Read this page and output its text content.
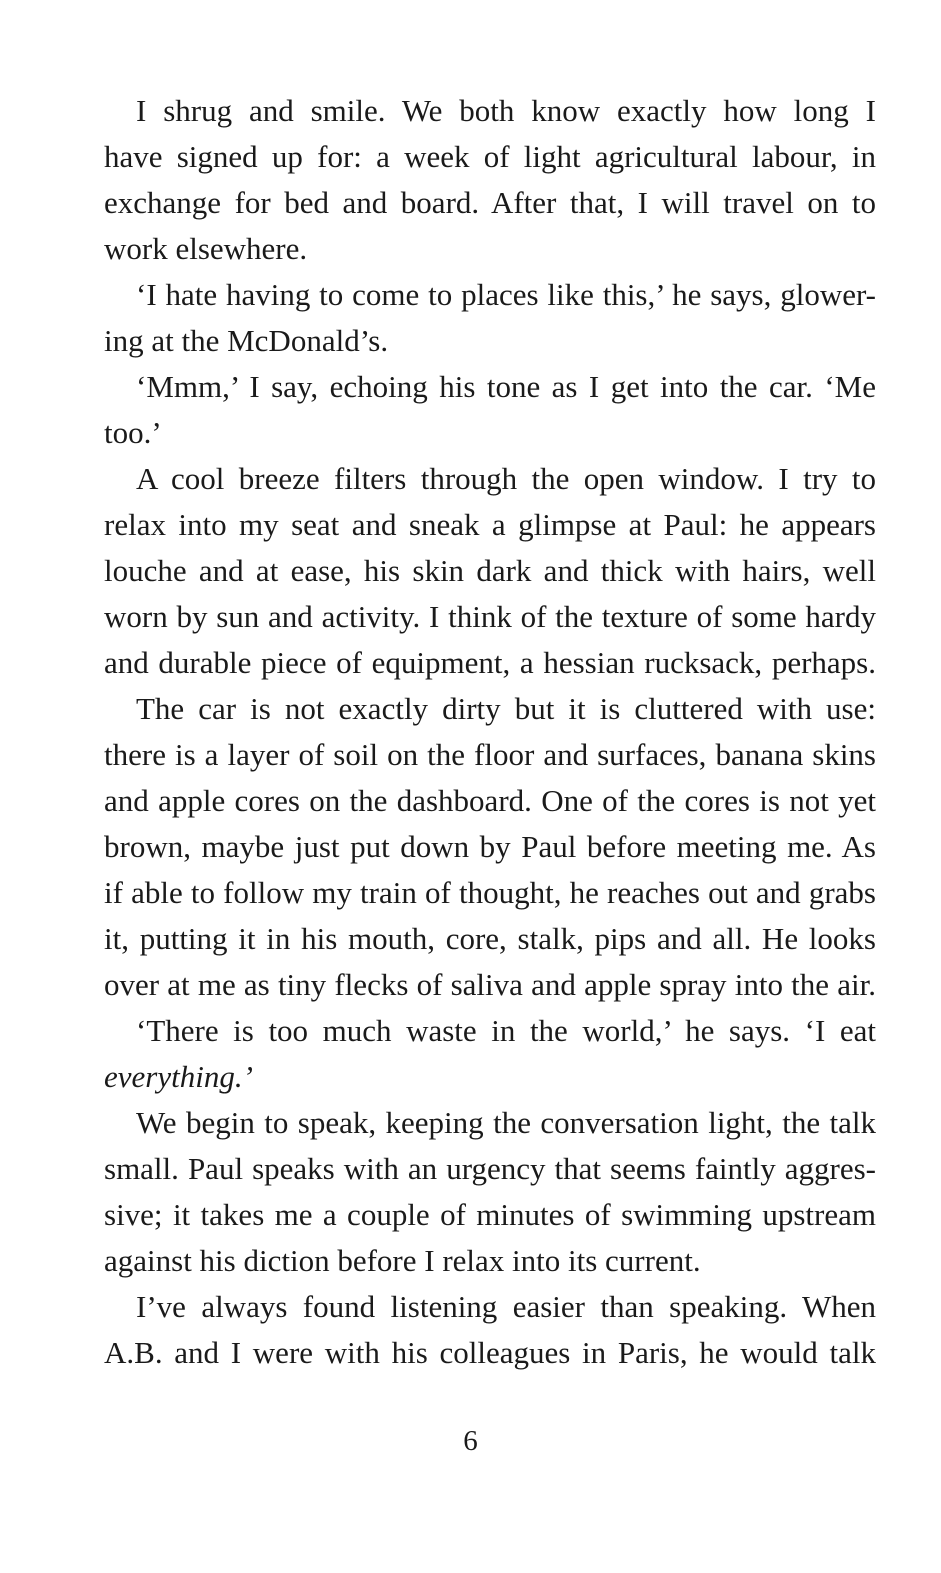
I shrug and smile. We both know exactly how long I
have signed up for: a week of light agricultural labour, in
exchange for bed and board. After that, I will travel on to
work elsewhere.
‘I hate having to come to places like this,’ he says, glower-
ing at the McDonald’s.
‘Mmm,’ I say, echoing his tone as I get into the car. ‘Me
too.’
A cool breeze filters through the open window. I try to
relax into my seat and sneak a glimpse at Paul: he appears
louche and at ease, his skin dark and thick with hairs, well
worn by sun and activity. I think of the texture of some hardy
and durable piece of equipment, a hessian rucksack, perhaps.
The car is not exactly dirty but it is cluttered with use:
there is a layer of soil on the floor and surfaces, banana skins
and apple cores on the dashboard. One of the cores is not yet
brown, maybe just put down by Paul before meeting me. As
if able to follow my train of thought, he reaches out and grabs
it, putting it in his mouth, core, stalk, pips and all. He looks
over at me as tiny flecks of saliva and apple spray into the air.
‘There is too much waste in the world,’ he says. ‘I eat
everything.’
We begin to speak, keeping the conversation light, the talk
small. Paul speaks with an urgency that seems faintly aggres-
sive; it takes me a couple of minutes of swimming upstream
against his diction before I relax into its current.
I’ve always found listening easier than speaking. When
A.B. and I were with his colleagues in Paris, he would talk
6
